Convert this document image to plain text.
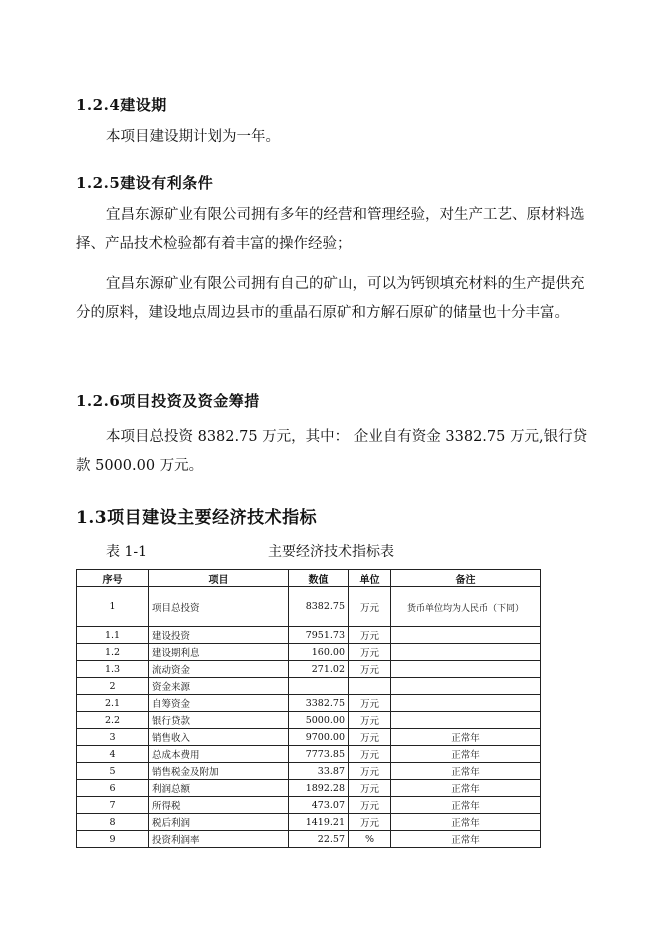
1.2.4建设期
本项目建设期计划为一年。
1.2.5建设有利条件
宜昌东源矿业有限公司拥有多年的经营和管理经验，对生产工艺、原材料选择、产品技术检验都有着丰富的操作经验；
宜昌东源矿业有限公司拥有自己的矿山，可以为钙钡填充材料的生产提供充分的原料，建设地点周边县市的重晶石原矿和方解石原矿的储量也十分丰富。
1.2.6项目投资及资金筹措
本项目总投资 8382.75 万元，其中： 企业自有资金 3382.75 万元,银行贷款 5000.00 万元。
1.3项目建设主要经济技术指标
表 1-1	主要经济技术指标表
序号	项目	数值	单位	备注
1	项目总投资	8382.75	万元	货币单位均为人民币（下同）
1.1	建设投资	7951.73	万元	
1.2	建设期利息	160.00	万元	
1.3	流动资金	271.02	万元	
2	资金来源			
2.1	自筹资金	3382.75	万元	
2.2	银行贷款	5000.00	万元	
3	销售收入	9700.00	万元	正常年
4	总成本费用	7773.85	万元	正常年
5	销售税金及附加	33.87	万元	正常年
6	利润总额	1892.28	万元	正常年
7	所得税	473.07	万元	正常年
8	税后利润	1419.21	万元	正常年
9	投资利润率	22.57	%	正常年
